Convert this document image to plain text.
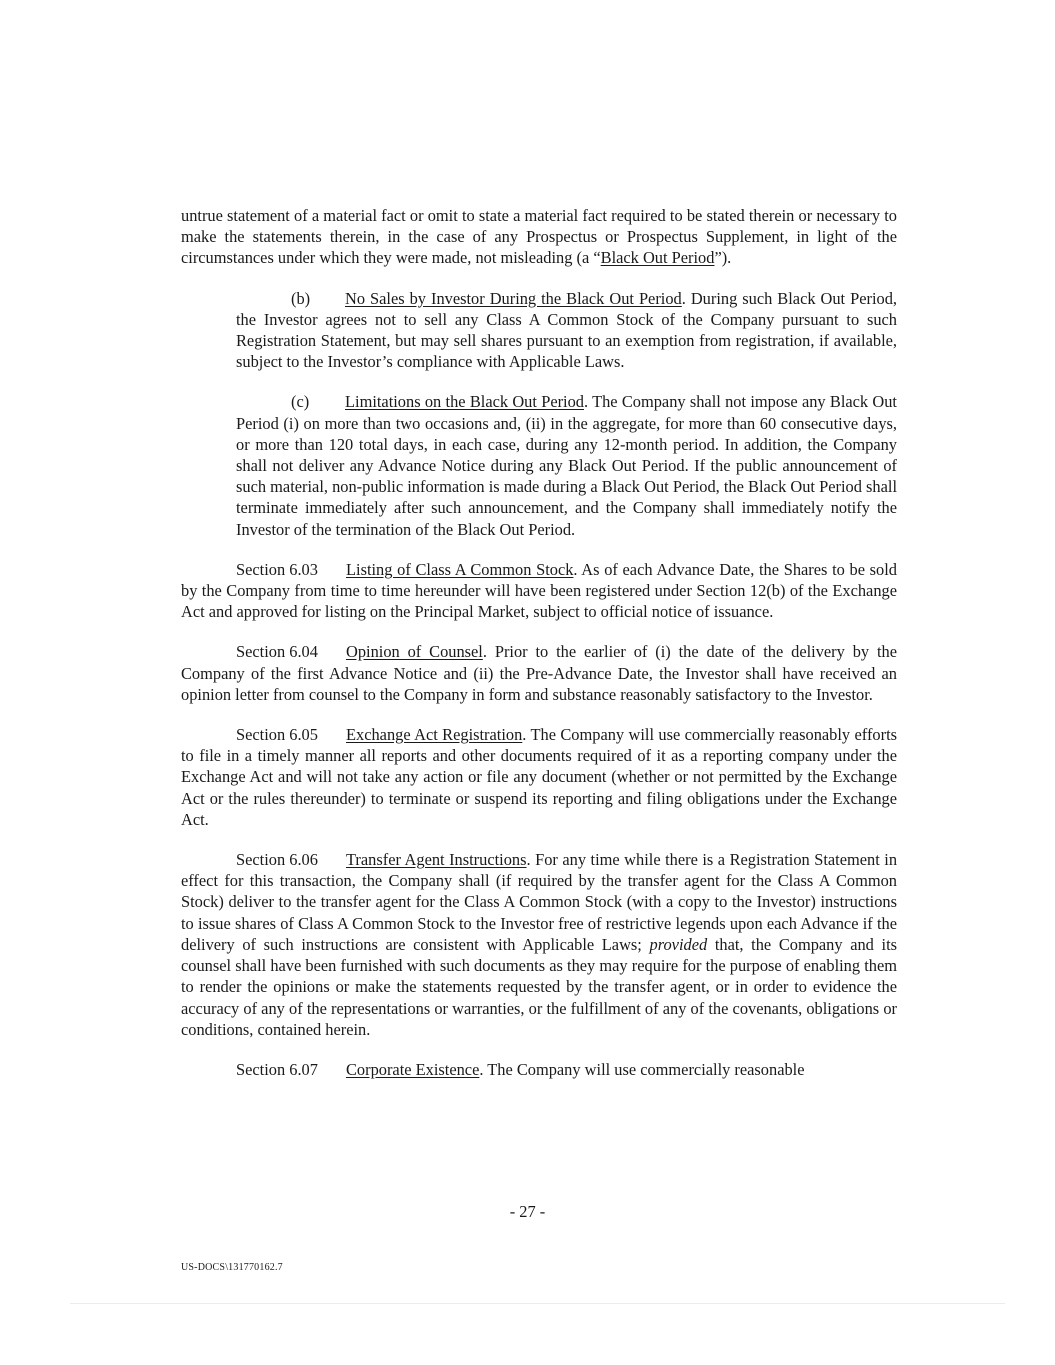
untrue statement of a material fact or omit to state a material fact required to be stated therein or necessary to make the statements therein, in the case of any Prospectus or Prospectus Supplement, in light of the circumstances under which they were made, not misleading (a “Black Out Period”).

(b) No Sales by Investor During the Black Out Period. During such Black Out Period, the Investor agrees not to sell any Class A Common Stock of the Company pursuant to such Registration Statement, but may sell shares pursuant to an exemption from registration, if available, subject to the Investor’s compliance with Applicable Laws.

(c) Limitations on the Black Out Period. The Company shall not impose any Black Out Period (i) on more than two occasions and, (ii) in the aggregate, for more than 60 consecutive days, or more than 120 total days, in each case, during any 12-month period. In addition, the Company shall not deliver any Advance Notice during any Black Out Period. If the public announcement of such material, non-public information is made during a Black Out Period, the Black Out Period shall terminate immediately after such announcement, and the Company shall immediately notify the Investor of the termination of the Black Out Period.

Section 6.03 Listing of Class A Common Stock. As of each Advance Date, the Shares to be sold by the Company from time to time hereunder will have been registered under Section 12(b) of the Exchange Act and approved for listing on the Principal Market, subject to official notice of issuance.

Section 6.04 Opinion of Counsel. Prior to the earlier of (i) the date of the delivery by the Company of the first Advance Notice and (ii) the Pre-Advance Date, the Investor shall have received an opinion letter from counsel to the Company in form and substance reasonably satisfactory to the Investor.

Section 6.05 Exchange Act Registration. The Company will use commercially reasonably efforts to file in a timely manner all reports and other documents required of it as a reporting company under the Exchange Act and will not take any action or file any document (whether or not permitted by the Exchange Act or the rules thereunder) to terminate or suspend its reporting and filing obligations under the Exchange Act.

Section 6.06 Transfer Agent Instructions. For any time while there is a Registration Statement in effect for this transaction, the Company shall (if required by the transfer agent for the Class A Common Stock) deliver to the transfer agent for the Class A Common Stock (with a copy to the Investor) instructions to issue shares of Class A Common Stock to the Investor free of restrictive legends upon each Advance if the delivery of such instructions are consistent with Applicable Laws; provided that, the Company and its counsel shall have been furnished with such documents as they may require for the purpose of enabling them to render the opinions or make the statements requested by the transfer agent, or in order to evidence the accuracy of any of the representations or warranties, or the fulfillment of any of the covenants, obligations or conditions, contained herein.

Section 6.07 Corporate Existence. The Company will use commercially reasonable

- 27 -
US-DOCS\131770162.7
